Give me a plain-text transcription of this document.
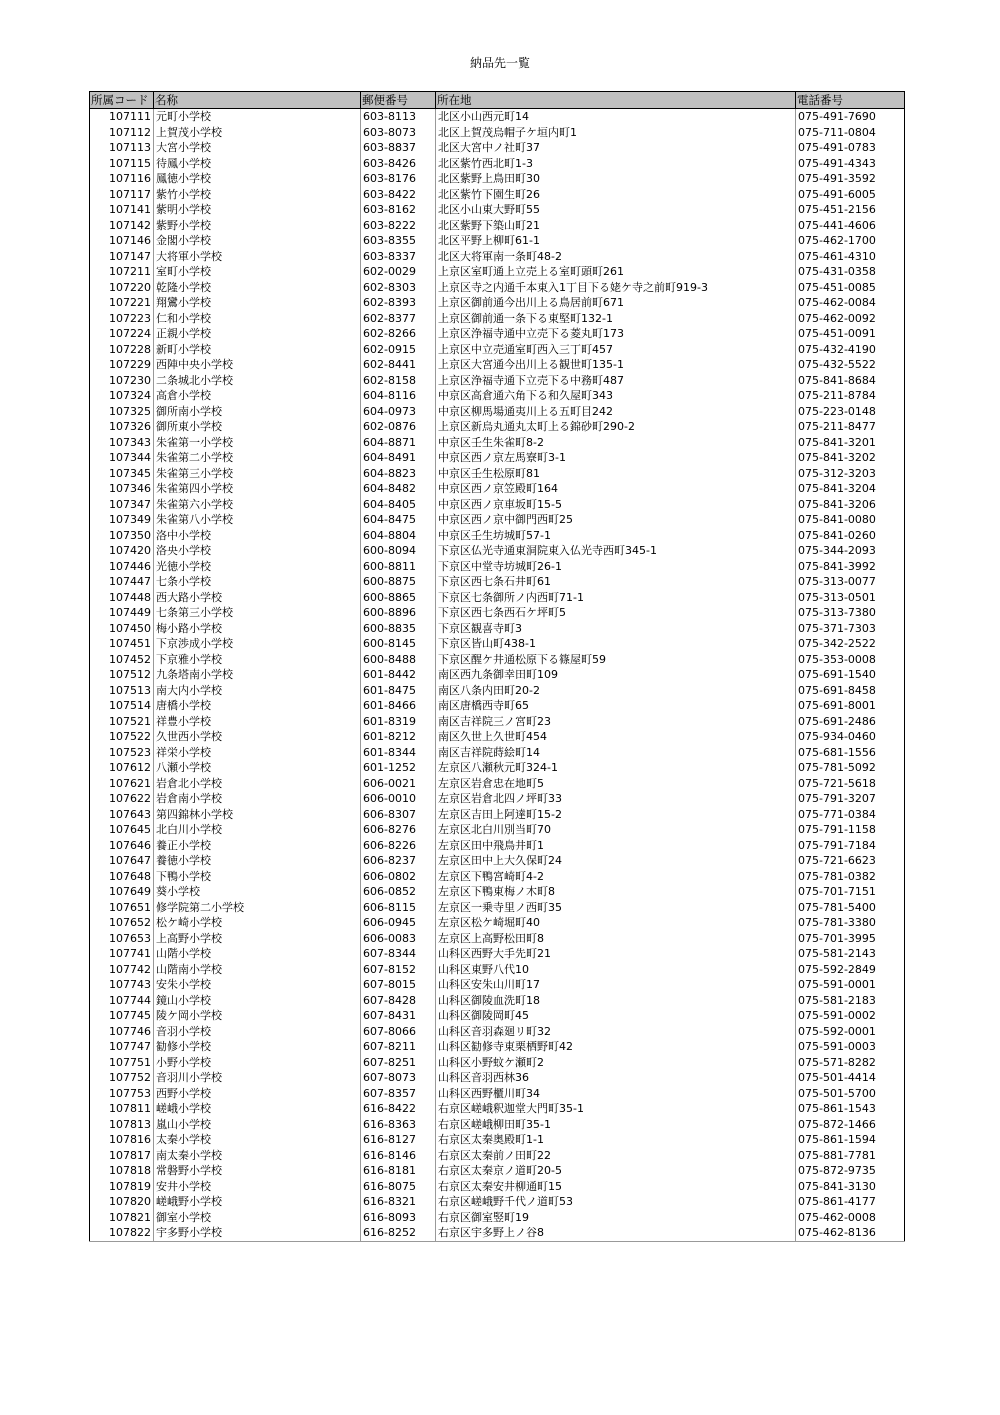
納品先一覧
所属コード	名称	郵便番号	所在地	電話番号
107111	元町小学校	603-8113	北区小山西元町14	075-491-7690
107112	上賀茂小学校	603-8073	北区上賀茂烏帽子ケ垣内町1	075-711-0804
107113	大宮小学校	603-8837	北区大宮中ノ社町37	075-491-0783
107115	待鳳小学校	603-8426	北区紫竹西北町1-3	075-491-4343
107116	鳳徳小学校	603-8176	北区紫野上鳥田町30	075-491-3592
107117	紫竹小学校	603-8422	北区紫竹下園生町26	075-491-6005
107141	紫明小学校	603-8162	北区小山東大野町55	075-451-2156
107142	紫野小学校	603-8222	北区紫野下築山町21	075-441-4606
107146	金閣小学校	603-8355	北区平野上柳町61-1	075-462-1700
107147	大将軍小学校	603-8337	北区大将軍南一条町48-2	075-461-4310
107211	室町小学校	602-0029	上京区室町通上立売上る室町頭町261	075-431-0358
107220	乾隆小学校	602-8303	上京区寺之内通千本東入1丁目下る姥ケ寺之前町919-3	075-451-0085
107221	翔鸞小学校	602-8393	上京区御前通今出川上る鳥居前町671	075-462-0084
107223	仁和小学校	602-8377	上京区御前通一条下る東堅町132-1	075-462-0092
107224	正親小学校	602-8266	上京区浄福寺通中立売下る菱丸町173	075-451-0091
107228	新町小学校	602-0915	上京区中立売通室町西入三丁町457	075-432-4190
107229	西陣中央小学校	602-8441	上京区大宮通今出川上る観世町135-1	075-432-5522
107230	二条城北小学校	602-8158	上京区浄福寺通下立売下る中務町487	075-841-8684
107324	高倉小学校	604-8116	中京区高倉通六角下る和久屋町343	075-211-8784
107325	御所南小学校	604-0973	中京区柳馬場通夷川上る五町目242	075-223-0148
107326	御所東小学校	602-0876	上京区新烏丸通丸太町上る錦砂町290-2	075-211-8477
107343	朱雀第一小学校	604-8871	中京区壬生朱雀町8-2	075-841-3201
107344	朱雀第二小学校	604-8491	中京区西ノ京左馬寮町3-1	075-841-3202
107345	朱雀第三小学校	604-8823	中京区壬生松原町81	075-312-3203
107346	朱雀第四小学校	604-8482	中京区西ノ京笠殿町164	075-841-3204
107347	朱雀第六小学校	604-8405	中京区西ノ京車坂町15-5	075-841-3206
107349	朱雀第八小学校	604-8475	中京区西ノ京中御門西町25	075-841-0080
107350	洛中小学校	604-8804	中京区壬生坊城町57-1	075-841-0260
107420	洛央小学校	600-8094	下京区仏光寺通東洞院東入仏光寺西町345-1	075-344-2093
107446	光徳小学校	600-8811	下京区中堂寺坊城町26-1	075-841-3992
107447	七条小学校	600-8875	下京区西七条石井町61	075-313-0077
107448	西大路小学校	600-8865	下京区七条御所ノ内西町71-1	075-313-0501
107449	七条第三小学校	600-8896	下京区西七条西石ケ坪町5	075-313-7380
107450	梅小路小学校	600-8835	下京区観喜寺町3	075-371-7303
107451	下京渉成小学校	600-8145	下京区皆山町438-1	075-342-2522
107452	下京雅小学校	600-8488	下京区醒ケ井通松原下る篠屋町59	075-353-0008
107512	九条塔南小学校	601-8442	南区西九条御幸田町109	075-691-1540
107513	南大内小学校	601-8475	南区八条内田町20-2	075-691-8458
107514	唐橋小学校	601-8466	南区唐橋西寺町65	075-691-8001
107521	祥豊小学校	601-8319	南区吉祥院三ノ宮町23	075-691-2486
107522	久世西小学校	601-8212	南区久世上久世町454	075-934-0460
107523	祥栄小学校	601-8344	南区吉祥院蒔絵町14	075-681-1556
107612	八瀬小学校	601-1252	左京区八瀬秋元町324-1	075-781-5092
107621	岩倉北小学校	606-0021	左京区岩倉忠在地町5	075-721-5618
107622	岩倉南小学校	606-0010	左京区岩倉北四ノ坪町33	075-791-3207
107643	第四錦林小学校	606-8307	左京区吉田上阿達町15-2	075-771-0384
107645	北白川小学校	606-8276	左京区北白川別当町70	075-791-1158
107646	養正小学校	606-8226	左京区田中飛鳥井町1	075-791-7184
107647	養徳小学校	606-8237	左京区田中上大久保町24	075-721-6623
107648	下鴨小学校	606-0802	左京区下鴨宮崎町4-2	075-781-0382
107649	葵小学校	606-0852	左京区下鴨東梅ノ木町8	075-701-7151
107651	修学院第二小学校	606-8115	左京区一乗寺里ノ西町35	075-781-5400
107652	松ケ崎小学校	606-0945	左京区松ケ崎堀町40	075-781-3380
107653	上高野小学校	606-0083	左京区上高野松田町8	075-701-3995
107741	山階小学校	607-8344	山科区西野大手先町21	075-581-2143
107742	山階南小学校	607-8152	山科区東野八代10	075-592-2849
107743	安朱小学校	607-8015	山科区安朱山川町17	075-591-0001
107744	鏡山小学校	607-8428	山科区御陵血洗町18	075-581-2183
107745	陵ケ岡小学校	607-8431	山科区御陵岡町45	075-591-0002
107746	音羽小学校	607-8066	山科区音羽森廻リ町32	075-592-0001
107747	勧修小学校	607-8211	山科区勧修寺東栗栖野町42	075-591-0003
107751	小野小学校	607-8251	山科区小野蚊ケ瀬町2	075-571-8282
107752	音羽川小学校	607-8073	山科区音羽西林36	075-501-4414
107753	西野小学校	607-8357	山科区西野櫃川町34	075-501-5700
107811	嵯峨小学校	616-8422	右京区嵯峨釈迦堂大門町35-1	075-861-1543
107813	嵐山小学校	616-8363	右京区嵯峨柳田町35-1	075-872-1466
107816	太秦小学校	616-8127	右京区太秦奥殿町1-1	075-861-1594
107817	南太秦小学校	616-8146	右京区太秦前ノ田町22	075-881-7781
107818	常磐野小学校	616-8181	右京区太秦京ノ道町20-5	075-872-9735
107819	安井小学校	616-8075	右京区太秦安井柳通町15	075-841-3130
107820	嵯峨野小学校	616-8321	右京区嵯峨野千代ノ道町53	075-861-4177
107821	御室小学校	616-8093	右京区御室竪町19	075-462-0008
107822	宇多野小学校	616-8252	右京区宇多野上ノ谷8	075-462-8136
